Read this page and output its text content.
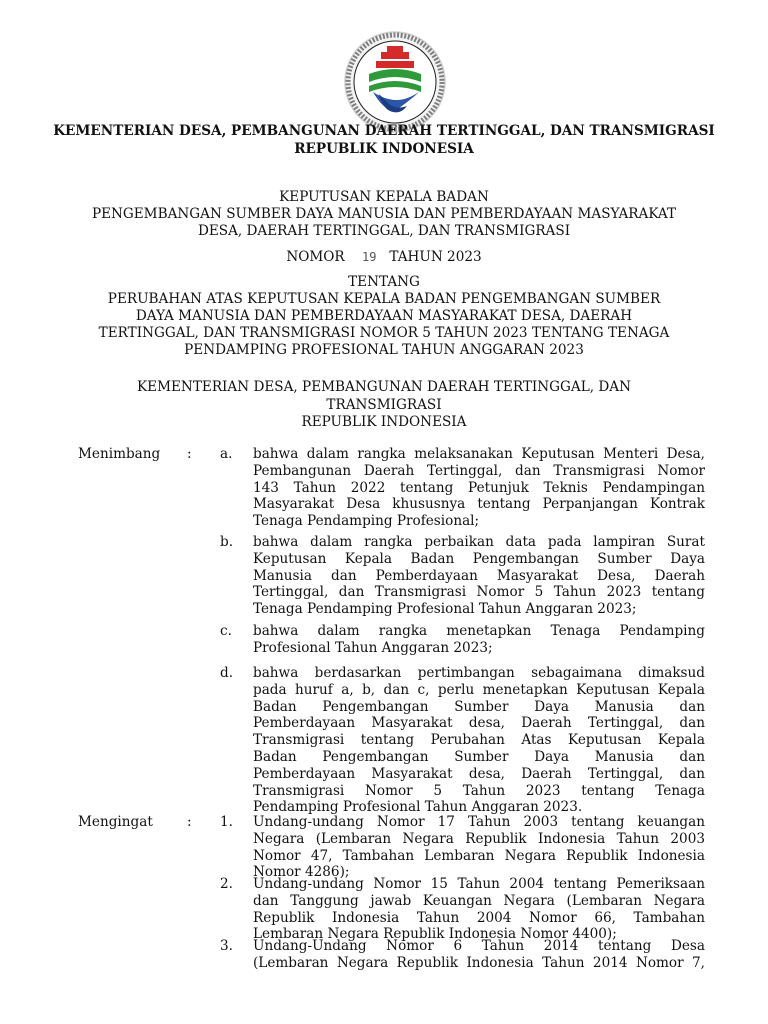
KEMENTERIAN DESA, PEMBANGUNAN DAERAH TERTINGGAL, DAN TRANSMIGRASI
REPUBLIK INDONESIA
KEPUTUSAN KEPALA BADAN
PENGEMBANGAN SUMBER DAYA MANUSIA DAN PEMBERDAYAAN MASYARAKAT
DESA, DAERAH TERTINGGAL, DAN TRANSMIGRASI
NOMOR 19 TAHUN 2023
TENTANG
PERUBAHAN ATAS KEPUTUSAN KEPALA BADAN PENGEMBANGAN SUMBER
DAYA MANUSIA DAN PEMBERDAYAAN MASYARAKAT DESA, DAERAH
TERTINGGAL, DAN TRANSMIGRASI NOMOR 5 TAHUN 2023 TENTANG TENAGA
PENDAMPING PROFESIONAL TAHUN ANGGARAN 2023
KEMENTERIAN DESA, PEMBANGUNAN DAERAH TERTINGGAL, DAN
TRANSMIGRASI
REPUBLIK INDONESIA
Menimbang : a. bahwa dalam rangka melaksanakan Keputusan Menteri Desa,
Pembangunan Daerah Tertinggal, dan Transmigrasi Nomor
143 Tahun 2022 tentang Petunjuk Teknis Pendampingan
Masyarakat Desa khususnya tentang Perpanjangan Kontrak
Tenaga Pendamping Profesional;
b. bahwa dalam rangka perbaikan data pada lampiran Surat
Keputusan Kepala Badan Pengembangan Sumber Daya
Manusia dan Pemberdayaan Masyarakat Desa, Daerah
Tertinggal, dan Transmigrasi Nomor 5 Tahun 2023 tentang
Tenaga Pendamping Profesional Tahun Anggaran 2023;
c. bahwa dalam rangka menetapkan Tenaga Pendamping
Profesional Tahun Anggaran 2023;
d. bahwa berdasarkan pertimbangan sebagaimana dimaksud
pada huruf a, b, dan c, perlu menetapkan Keputusan Kepala
Badan Pengembangan Sumber Daya Manusia dan
Pemberdayaan Masyarakat desa, Daerah Tertinggal, dan
Transmigrasi tentang Perubahan Atas Keputusan Kepala
Badan Pengembangan Sumber Daya Manusia dan
Pemberdayaan Masyarakat desa, Daerah Tertinggal, dan
Transmigrasi Nomor 5 Tahun 2023 tentang Tenaga
Pendamping Profesional Tahun Anggaran 2023.
Mengingat	: 1. Undang-undang Nomor 17 Tahun 2003 tentang keuangan
Negara (Lembaran Negara Republik Indonesia Tahun 2003
Nomor 47, Tambahan Lembaran Negara Republik Indonesia
Nomor 4286);
2. Undang-undang Nomor 15 Tahun 2004 tentang Pemeriksaan
dan Tanggung jawab Keuangan Negara (Lembaran Negara
Republik Indonesia Tahun 2004 Nomor 66, Tambahan
Lembaran Negara Republik Indonesia Nomor 4400);
3. Undang-Undang Nomor 6 Tahun 2014 tentang Desa
(Lembaran Negara Republik Indonesia Tahun 2014 Nomor 7,
